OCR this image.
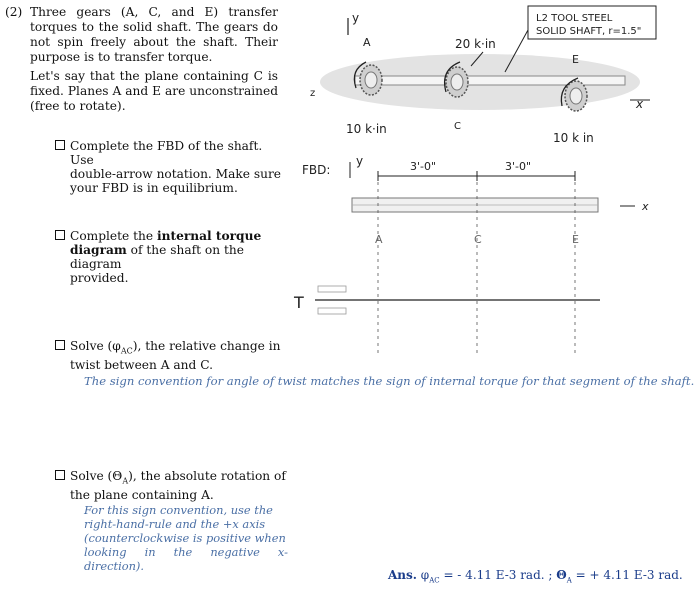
(2) Three gears (A, C, and E) transfer torques to the solid shaft. The gears do not spin freely about the shaft. Their purpose is to transfer torque.

Let's say that the plane containing C is fixed. Planes A and E are unconstrained (free to rotate).

Complete the FBD of the shaft. Use
double-arrow notation. Make sure
your FBD is in equilibrium.
Complete the internal torque
diagram of the shaft on the diagram
provided.
Solve $(\varphi_{AC})$, the relative change in
twist between A and C.
The sign convention for angle of twist matches the sign of internal torque for that segment of the shaft.
Solve $(\Theta_A)$, the absolute rotation of
the plane containing A.
For this sign convention, use the
right-hand-rule and the +x axis
(counterclockwise is positive when
looking in the negative x-direction).
Ans. $\varphi_{AC}$ = - 4.11 E-3 rad. ; $\Theta_A$ = + 4.11 E-3 rad.
y
z
x
A
10 k·in
20 k·in
C
E
10 k in
L2 TOOL STEEL
SOLID SHAFT, r=1.5"
FBD:
y	3'-0"	3'-0"
x
A	C	E
T
